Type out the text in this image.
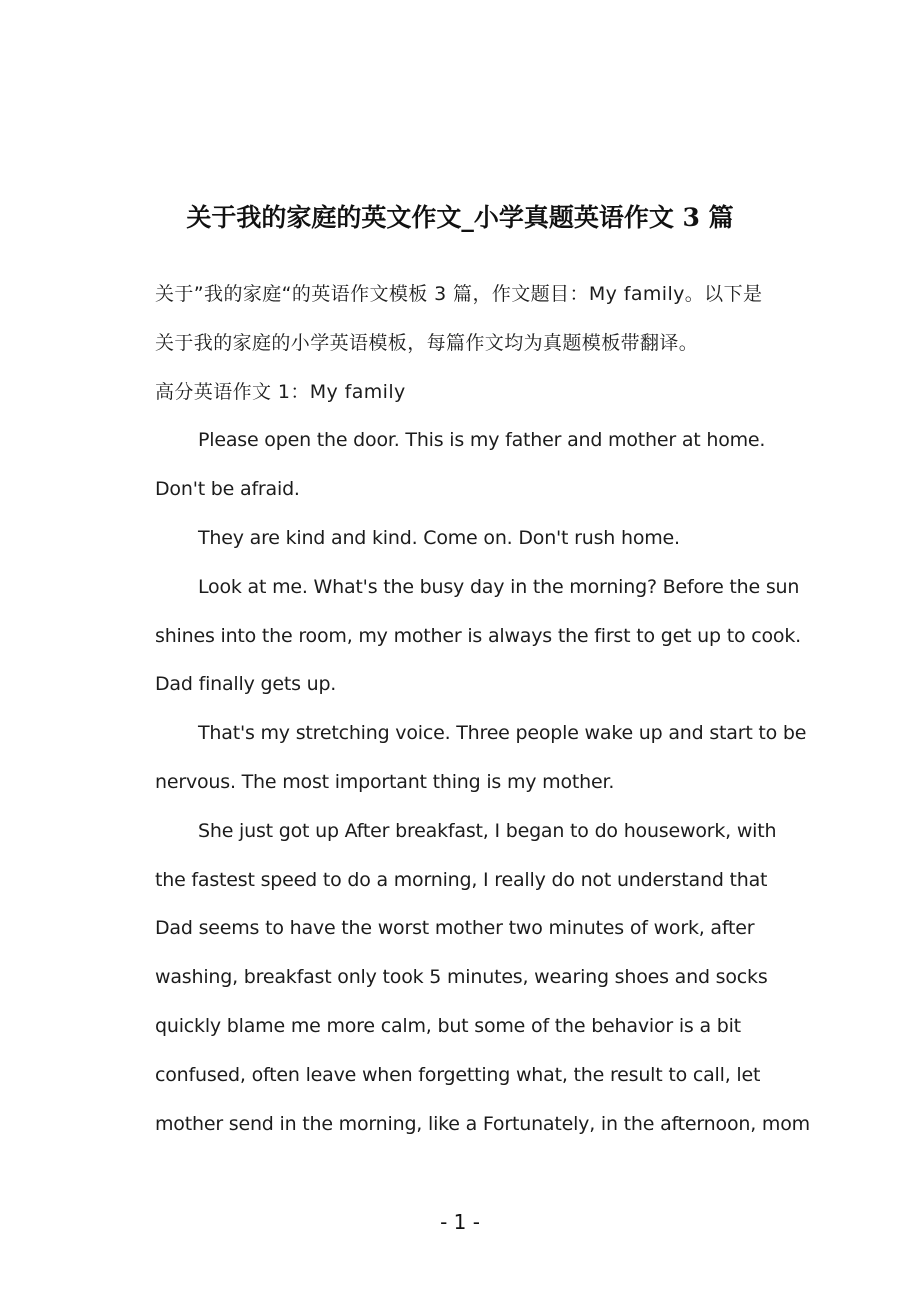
关于我的家庭的英文作文_小学真题英语作文 3 篇
关于”我的家庭“的英语作文模板 3 篇，作文题目：My family。以下是
关于我的家庭的小学英语模板，每篇作文均为真题模板带翻译。
高分英语作文 1：My family
Please open the door. This is my father and mother at home.
Don't be afraid.
They are kind and kind. Come on. Don't rush home.
Look at me. What's the busy day in the morning? Before the sun
shines into the room, my mother is always the first to get up to cook.
Dad finally gets up.
That's my stretching voice. Three people wake up and start to be
nervous. The most important thing is my mother.
She just got up After breakfast, I began to do housework, with
the fastest speed to do a morning, I really do not understand that
Dad seems to have the worst mother two minutes of work, after
washing, breakfast only took 5 minutes, wearing shoes and socks
quickly blame me more calm, but some of the behavior is a bit
confused, often leave when forgetting what, the result to call, let
mother send in the morning, like a Fortunately, in the afternoon, mom
- 1 -
